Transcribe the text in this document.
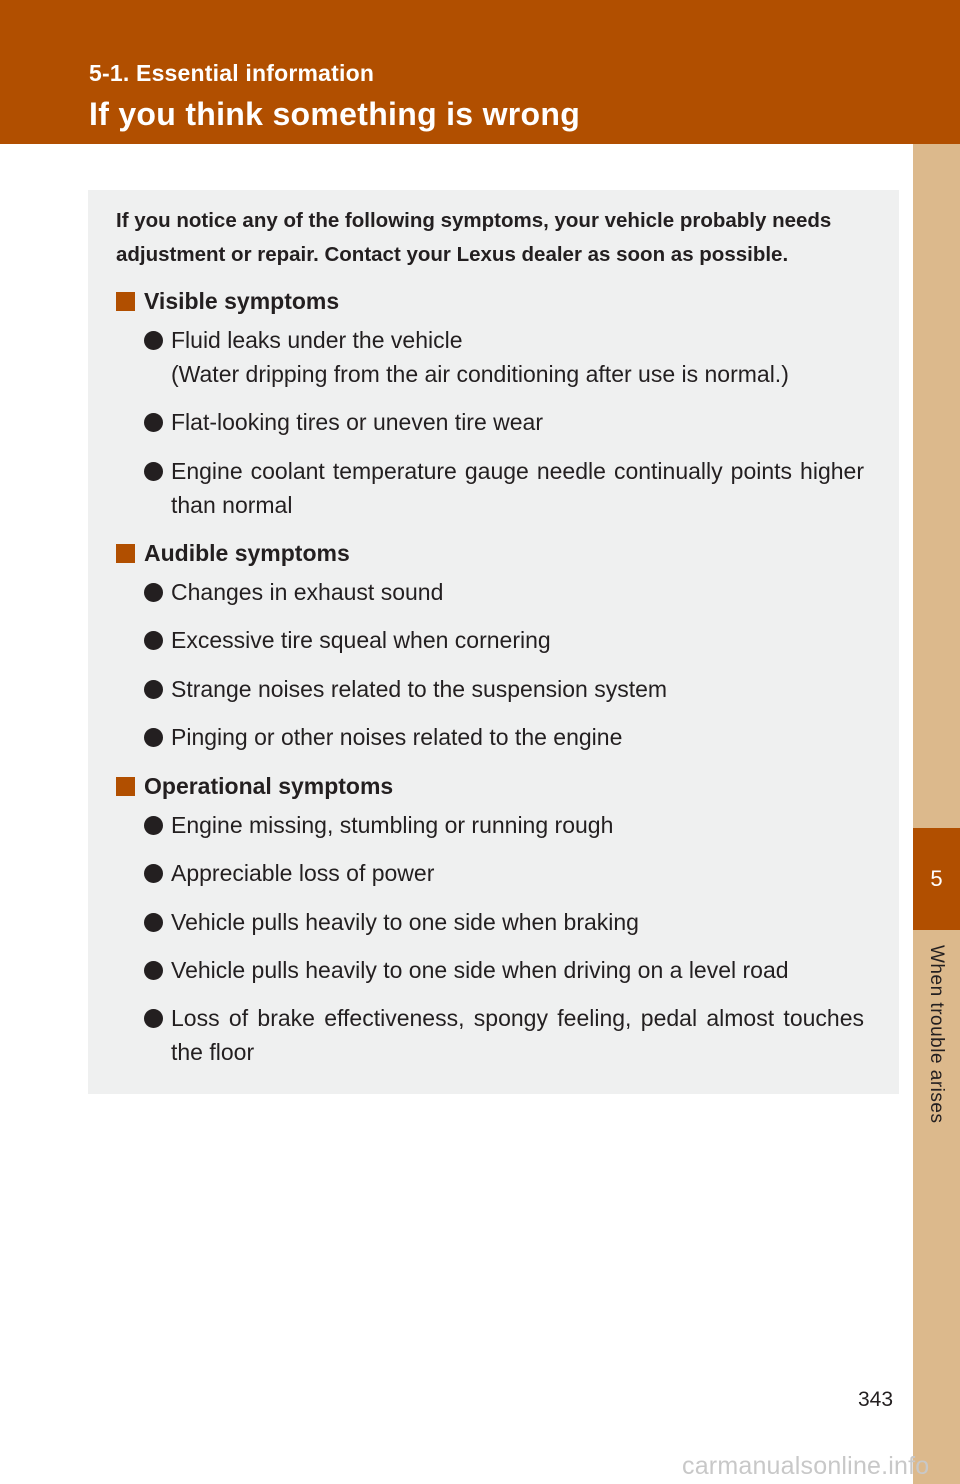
5-1. Essential information
If you think something is wrong
5
When trouble arises
If you notice any of the following symptoms, your vehicle probably needs adjustment or repair. Contact your Lexus dealer as soon as possible.
Visible symptoms
Fluid leaks under the vehicle
(Water dripping from the air conditioning after use is normal.)
Flat-looking tires or uneven tire wear
Engine coolant temperature gauge needle continually points higher than normal
Audible symptoms
Changes in exhaust sound
Excessive tire squeal when cornering
Strange noises related to the suspension system
Pinging or other noises related to the engine
Operational symptoms
Engine missing, stumbling or running rough
Appreciable loss of power
Vehicle pulls heavily to one side when braking
Vehicle pulls heavily to one side when driving on a level road
Loss of brake effectiveness, spongy feeling, pedal almost touches the floor
343
carmanualsonline.info
